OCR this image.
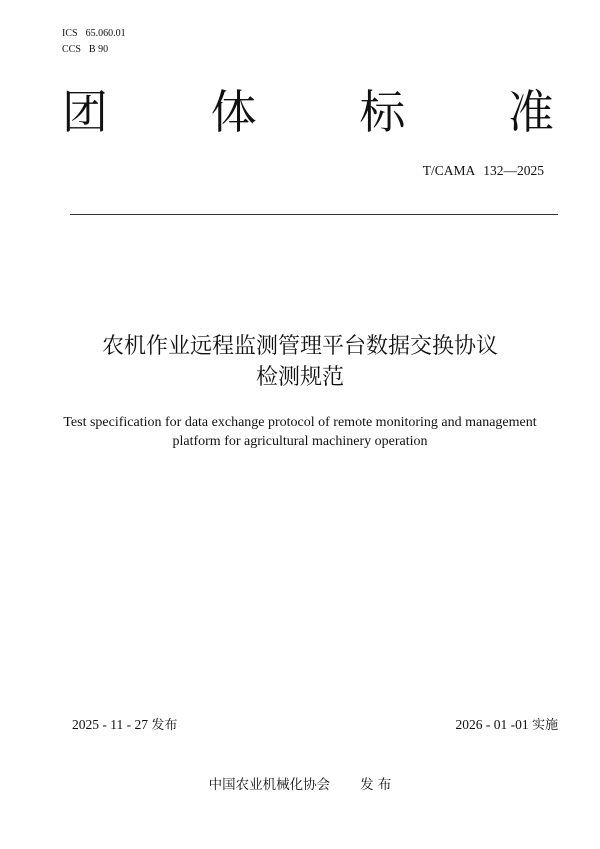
ICS 65.060.01
CCS B 90
团 体 标 准
T/CAMA 132—2025
农机作业远程监测管理平台数据交换协议
检测规范
Test specification for data exchange protocol of remote monitoring and management
platform for agricultural machinery operation
2025 - 11 - 27 发布	2026 - 01 -01 实施
中国农业机械化协会 发 布
